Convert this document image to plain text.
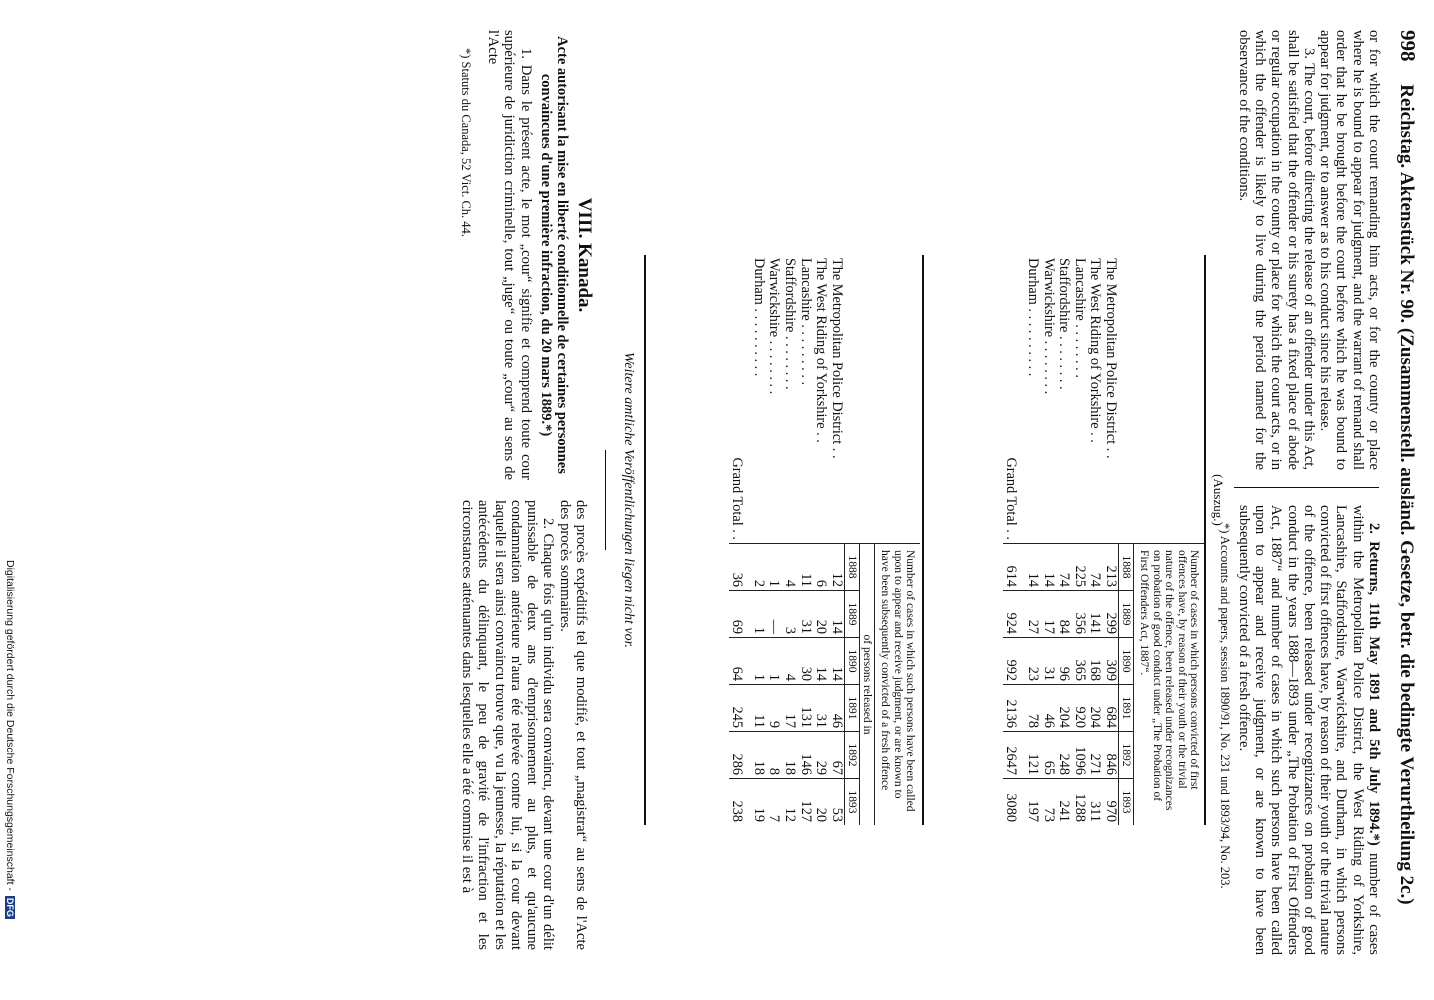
998 Reichstag. Aktenstück Nr. 90. (Zusammenstell. ausländ. Gesetze, betr. die bedingte Verurtheilung 2c.)

or for which the court remanding him acts, or for the county or place where he is bound to appear for judgment, and the warrant of remand shall order that he be brought before the court before which he was bound to appear for judgment, or to answer as to his conduct since his release.

3. The court, before directing the release of an offender under this Act, shall be satisfied that the offender or his surety has a fixed place of abode or regular occupation in the county or place for which the court acts, or in which the offender is likely to live during the period named for the observance of the conditions.

2. Returns, 11th May 1891 and 5th July 1894.*) number of cases within the Metropolitan Police District, the West Riding of Yorkshire, Lancashire, Staffordshire, Warwickshire, and Durham, in which persons convicted of first offences have, by reason of their youth or the trivial nature of the offence, been released under recognizances on probation of good conduct in the years 1888—1893 under „The Probation of First Offenders Act, 1887“ and number of cases in which such persons have been called upon to appear and receive judgment, or are known to have been subsequently convicted of a fresh offence.

*) Accounts and papers, session 1890/91, No. 231 und 1893/94, No. 203.

(Auszug.)
	Number of cases in which persons convicted of first offences have, by reason of their youth or the trivial nature of the offence, been released under recognizances on probation of good conduct under „The Probation of First Offenders Act, 1887“.					
	1888	1889	1890	1891	1892	1893
The Metropolitan Police District . .	213	299	309	684	846	970
The West Riding of Yorkshire . .	74	141	168	204	271	311
Lancashire . . . . . . . .	225	356	365	920	1096	1288
Staffordshire . . . . . . . .	74	84	96	204	248	241
Warwickshire . . . . . . . .	14	17	31	46	65	73
Durham . . . . . . . . . .	14	27	23	78	121	197
Grand Total . .	614	924	992	2136	2647	3080
	Number of cases in which such persons have been called upon to appear and receive judgment, or are known to have been subsequently convicted of a fresh offence					
	of persons released in					
	1888	1889	1890	1891	1892	1893
The Metropolitan Police District . .	12	14	14	46	67	53
The West Riding of Yorkshire . .	6	20	14	31	29	20
Lancashire . . . . . . . . .	11	31	30	131	146	127
Staffordshire . . . . . . . .	4	3	4	17	18	12
Warwickshire . . . . . . . .	1	—	1	9	8	7
Durham . . . . . . . . . .	2	1	1	11	18	19
Grand Total . .	36	69	64	245	286	238
Weitere amtliche Veröffentlichungen liegen nicht vor.
VIII. Kanada.
Acte autorisant la mise en liberté conditionnelle de certaines personnes convaincues d'une première infraction, du 20 mars 1889.*)

1. Dans le présent acte, le mot „cour“ signifie et comprend toute cour supérieure de juridiction criminelle, tout „juge“ ou toute „cour“ au sens de l'Acte

*) Statuts du Canada, 52 Vict. Ch. 44.

des procès expéditifs tel que modifié, et tout „magistrat“ au sens de l'Acte des procès sommaires.

2. Chaque fois qu'un individu sera convaincu, devant une cour d'un délit punissable de deux ans d'emprisonnement au plus, et qu'aucune condamnation antérieure n'aura été relevée contre lui, si la cour devant laquelle il sera ainsi convaincu trouve que, vu la jeunesse, la réputation et les antécédents du délinquant, le peu de gravité de l'infraction et les circonstances atténuantes dans lesquelles elle a été commise il est à

Digitalisierung gefördert durch die Deutsche Forschungsgemeinschaft - DFG
